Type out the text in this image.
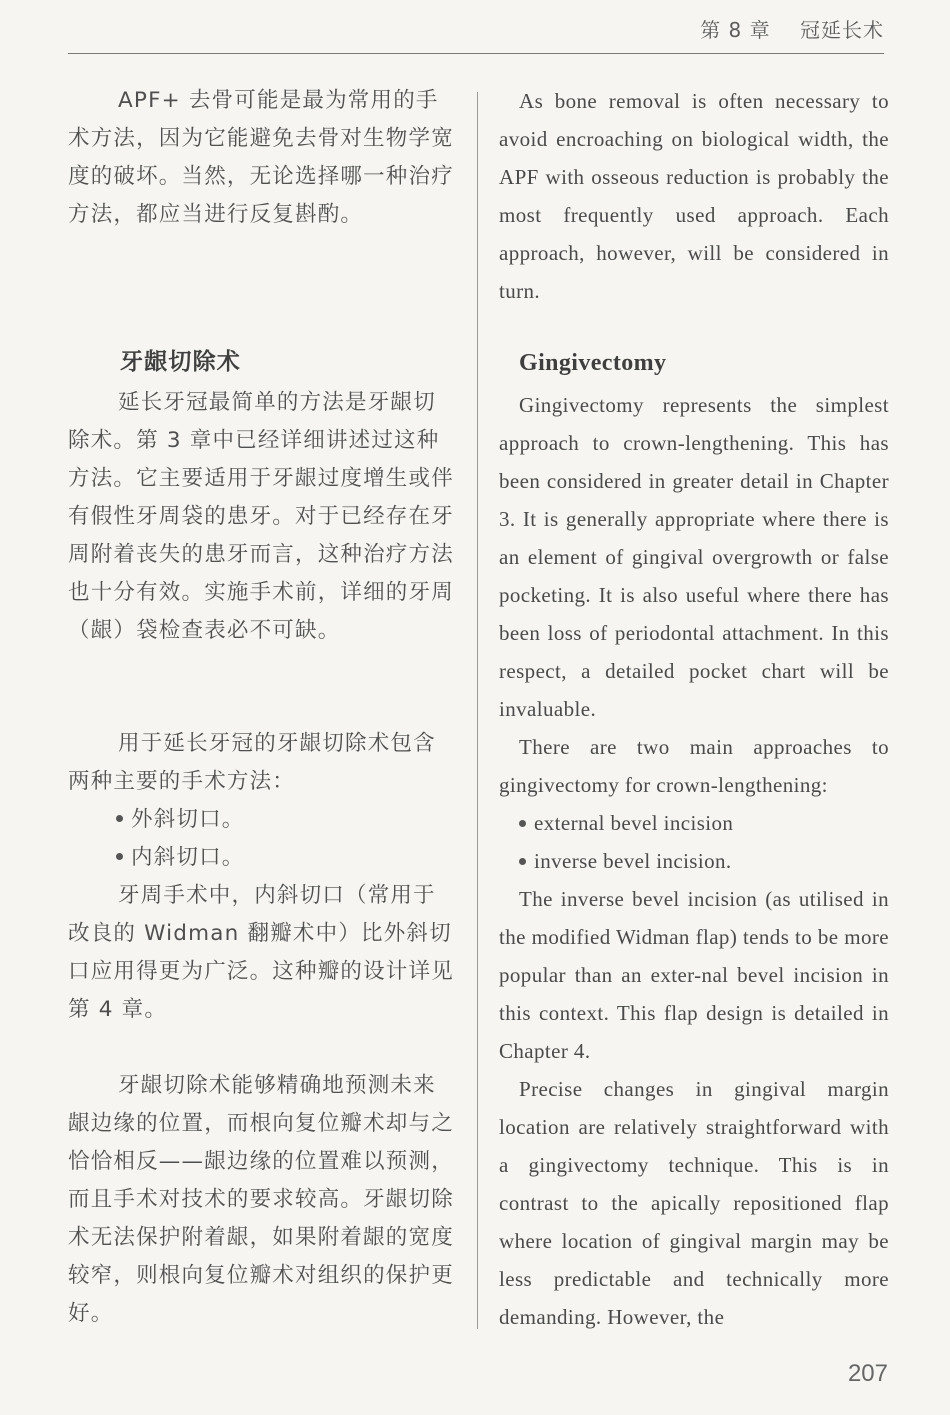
第 8 章 冠延长术

APF+ 去骨可能是最为常用的手术方法，因为它能避免去骨对生物学宽度的破坏。当然，无论选择哪一种治疗方法，都应当进行反复斟酌。

牙龈切除术

延长牙冠最简单的方法是牙龈切除术。第 3 章中已经详细讲述过这种方法。它主要适用于牙龈过度增生或伴有假性牙周袋的患牙。对于已经存在牙周附着丧失的患牙而言，这种治疗方法也十分有效。实施手术前，详细的牙周（龈）袋检查表必不可缺。

用于延长牙冠的牙龈切除术包含两种主要的手术方法：

外斜切口。

内斜切口。

牙周手术中，内斜切口（常用于改良的 Widman 翻瓣术中）比外斜切口应用得更为广泛。这种瓣的设计详见第 4 章。

牙龈切除术能够精确地预测未来龈边缘的位置，而根向复位瓣术却与之恰恰相反——龈边缘的位置难以预测，而且手术对技术的要求较高。牙龈切除术无法保护附着龈，如果附着龈的宽度较窄，则根向复位瓣术对组织的保护更好。

As bone removal is often necessary to avoid encroaching on biological width, the APF with osseous reduction is probably the most frequently used approach. Each approach, however, will be considered in turn.

Gingivectomy

Gingivectomy represents the simplest approach to crown-lengthening. This has been considered in greater detail in Chapter 3. It is generally appropriate where there is an element of gingival overgrowth or false pocketing. It is also useful where there has been loss of periodontal attachment. In this respect, a detailed pocket chart will be invaluable.

There are two main approaches to gingivectomy for crown-lengthening:

external bevel incision

inverse bevel incision.

The inverse bevel incision (as utilised in the modified Widman flap) tends to be more popular than an exter-nal bevel incision in this context. This flap design is detailed in Chapter 4.

Precise changes in gingival margin location are relatively straightforward with a gingivectomy technique. This is in contrast to the apically repositioned flap where location of gingival margin may be less predictable and technically more demanding. However, the

207
